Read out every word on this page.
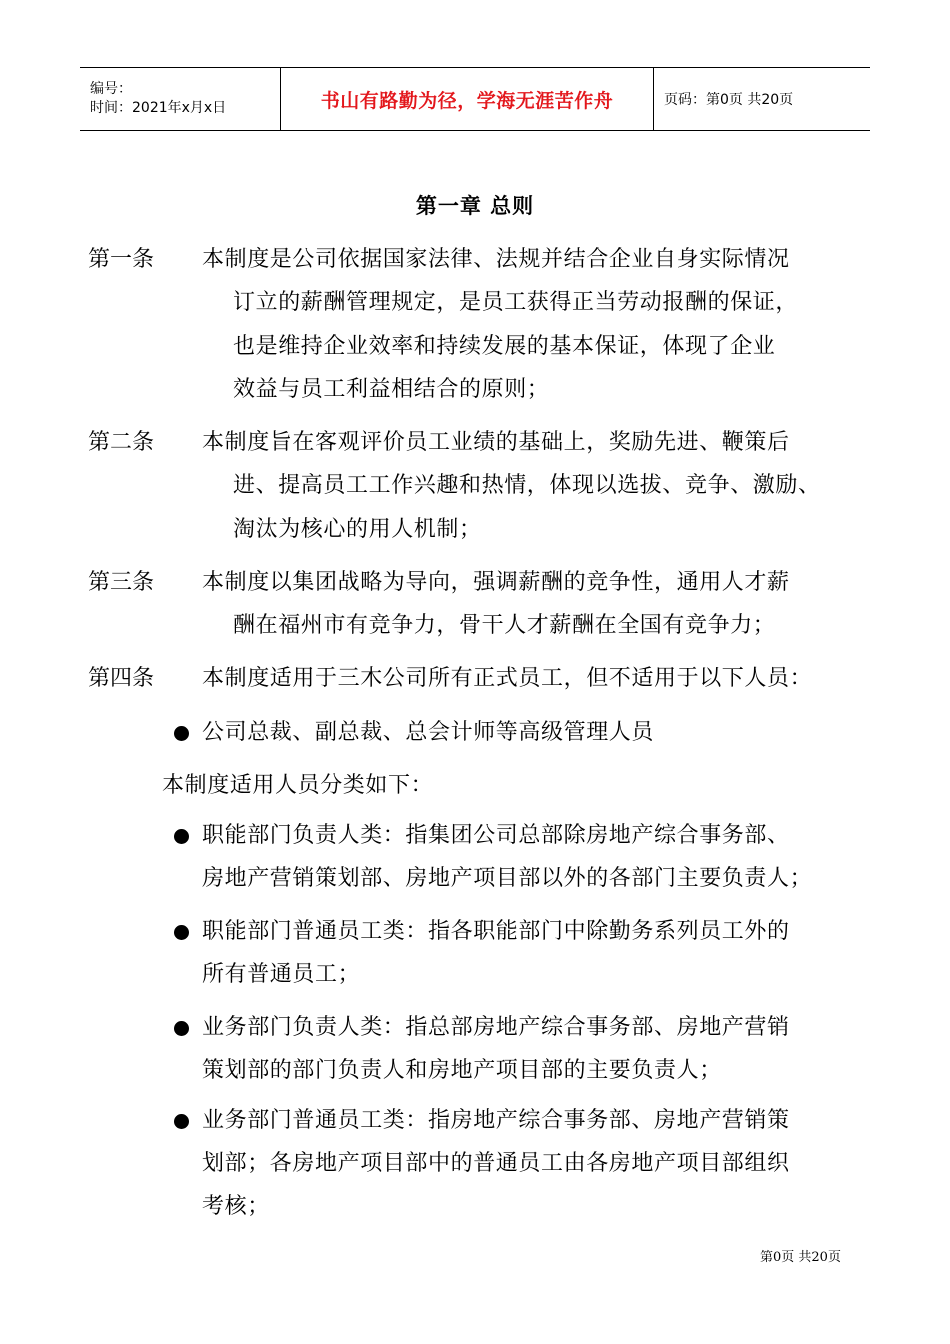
编号：
时间：2021年x月x日	书山有路勤为径，学海无涯苦作舟	页码：第0页 共20页
第一章 总则
第一条 本制度是公司依据国家法律、法规并结合企业自身实际情况
订立的薪酬管理规定，是员工获得正当劳动报酬的保证，
也是维持企业效率和持续发展的基本保证，体现了企业
效益与员工利益相结合的原则；
第二条 本制度旨在客观评价员工业绩的基础上，奖励先进、鞭策后
进、提高员工工作兴趣和热情，体现以选拔、竞争、激励、
淘汰为核心的用人机制；
第三条 本制度以集团战略为导向，强调薪酬的竞争性，通用人才薪
酬在福州市有竞争力，骨干人才薪酬在全国有竞争力；
第四条 本制度适用于三木公司所有正式员工，但不适用于以下人员：
公司总裁、副总裁、总会计师等高级管理人员
本制度适用人员分类如下：
职能部门负责人类：指集团公司总部除房地产综合事务部、
房地产营销策划部、房地产项目部以外的各部门主要负责人；
职能部门普通员工类：指各职能部门中除勤务系列员工外的
所有普通员工；
业务部门负责人类：指总部房地产综合事务部、房地产营销
策划部的部门负责人和房地产项目部的主要负责人；
业务部门普通员工类：指房地产综合事务部、房地产营销策
划部；各房地产项目部中的普通员工由各房地产项目部组织
考核；
第0页 共20页
